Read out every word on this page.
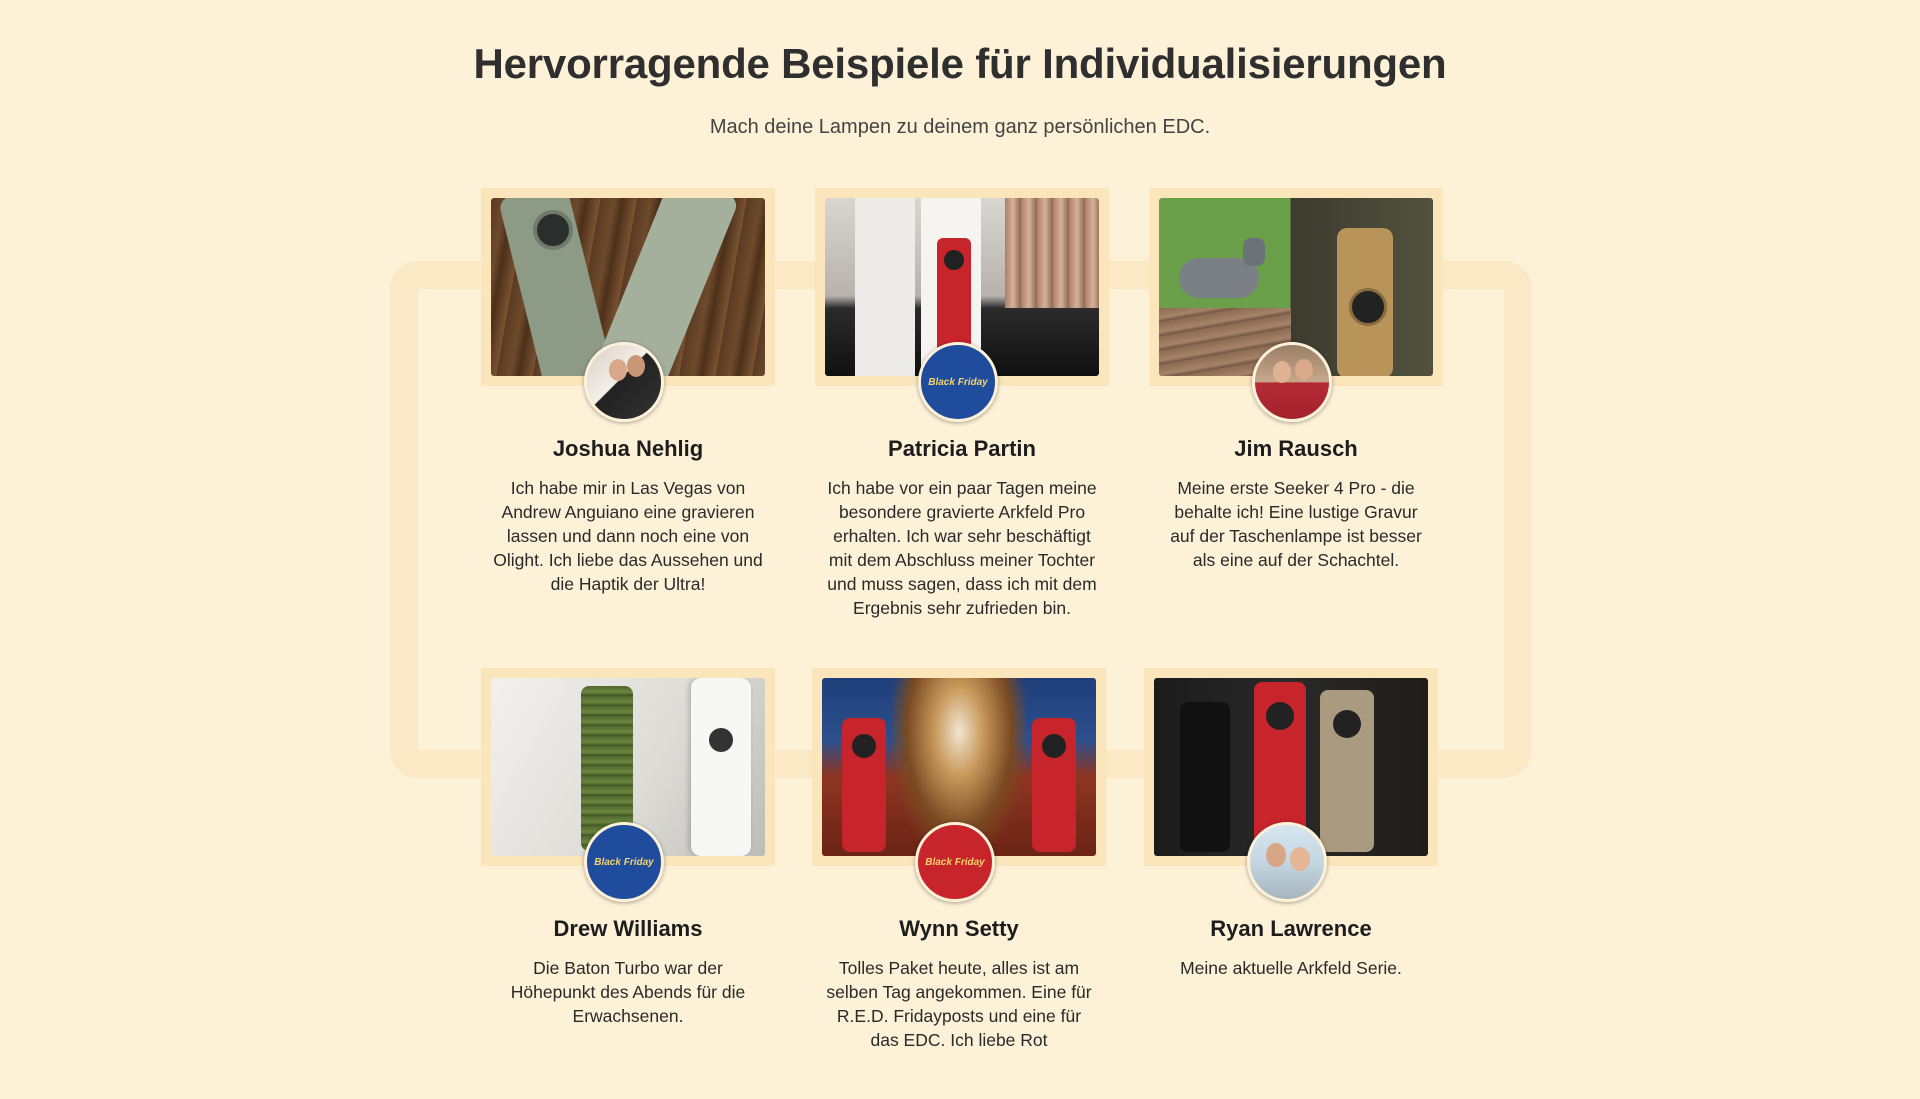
Hervorragende Beispiele für Individualisierungen

Mach deine Lampen zu deinem ganz persönlichen EDC.

Joshua Nehlig
Ich habe mir in Las Vegas von Andrew Anguiano eine gravieren lassen und dann noch eine von Olight. Ich liebe das Aussehen und die Haptik der Ultra!
Black Friday
Patricia Partin
Ich habe vor ein paar Tagen meine besondere gravierte Arkfeld Pro erhalten. Ich war sehr beschäftigt mit dem Abschluss meiner Tochter und muss sagen, dass ich mit dem Ergebnis sehr zufrieden bin.
Jim Rausch
Meine erste Seeker 4 Pro - die behalte ich! Eine lustige Gravur auf der Taschenlampe ist besser als eine auf der Schachtel.
Black Friday
Drew Williams
Die Baton Turbo war der Höhepunkt des Abends für die Erwachsenen.
Black Friday
Wynn Setty
Tolles Paket heute, alles ist am selben Tag angekommen. Eine für R.E.D. Fridayposts und eine für das EDC. Ich liebe Rot
Ryan Lawrence
Meine aktuelle Arkfeld Serie.
